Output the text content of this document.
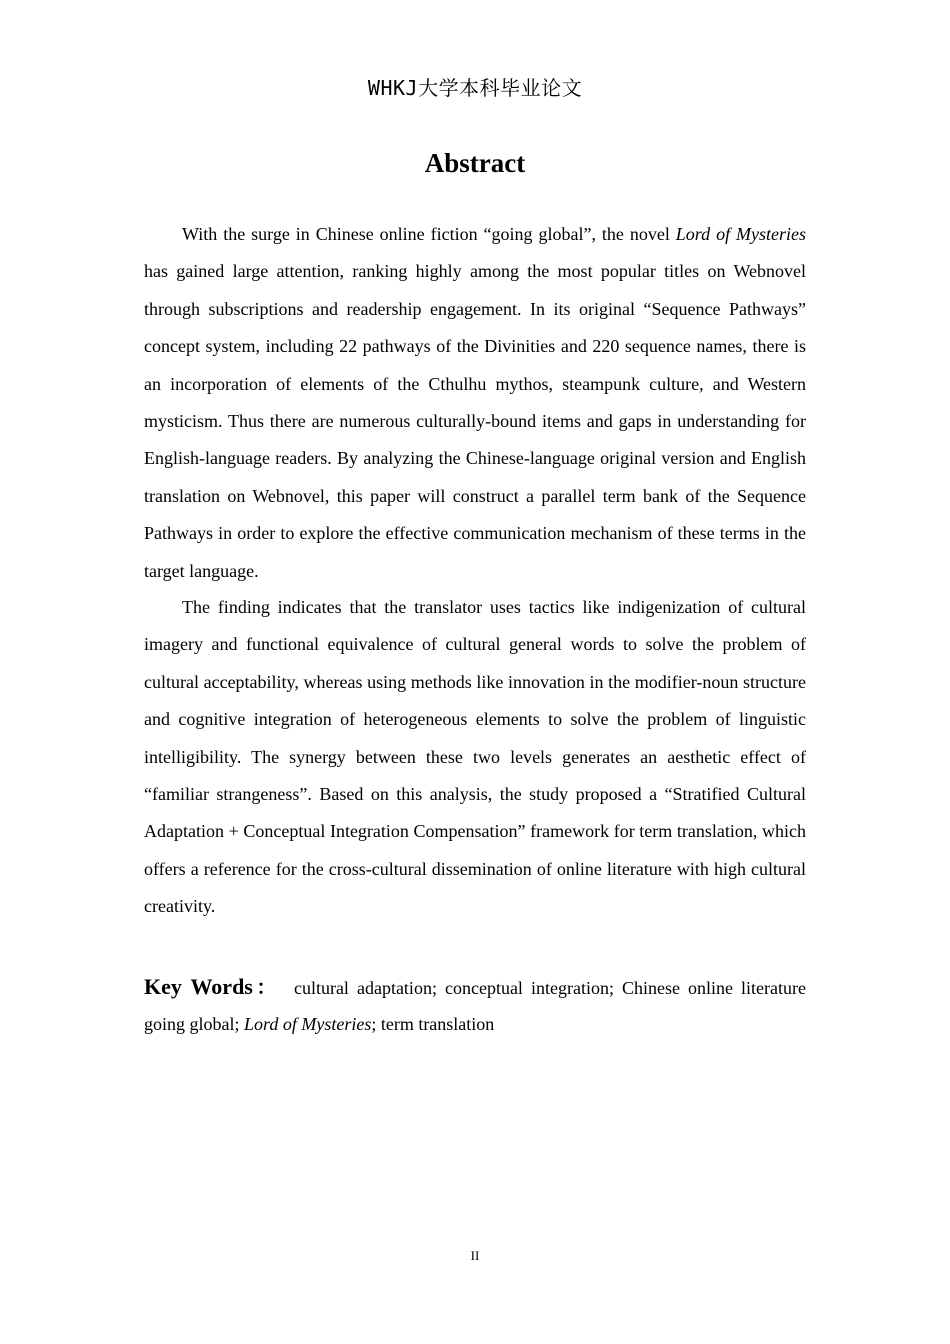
WHKJ大学本科毕业论文
Abstract

With the surge in Chinese online fiction “going global”, the novel Lord of Mysteries has gained large attention, ranking highly among the most popular titles on Webnovel through subscriptions and readership engagement. In its original “Sequence Pathways” concept system, including 22 pathways of the Divinities and 220 sequence names, there is an incorporation of elements of the Cthulhu mythos, steampunk culture, and Western mysticism. Thus there are numerous culturally-bound items and gaps in understanding for English-language readers. By analyzing the Chinese-language original version and English translation on Webnovel, this paper will construct a parallel term bank of the Sequence Pathways in order to explore the effective communication mechanism of these terms in the target language.

The finding indicates that the translator uses tactics like indigenization of cultural imagery and functional equivalence of cultural general words to solve the problem of cultural acceptability, whereas using methods like innovation in the modifier-noun structure and cognitive integration of heterogeneous elements to solve the problem of linguistic intelligibility. The synergy between these two levels generates an aesthetic effect of “familiar strangeness”. Based on this analysis, the study proposed a “Stratified Cultural Adaptation + Conceptual Integration Compensation” framework for term translation, which offers a reference for the cross-cultural dissemination of online literature with high cultural creativity.

Key Words： cultural adaptation; conceptual integration; Chinese online literature going global; Lord of Mysteries; term translation
II
